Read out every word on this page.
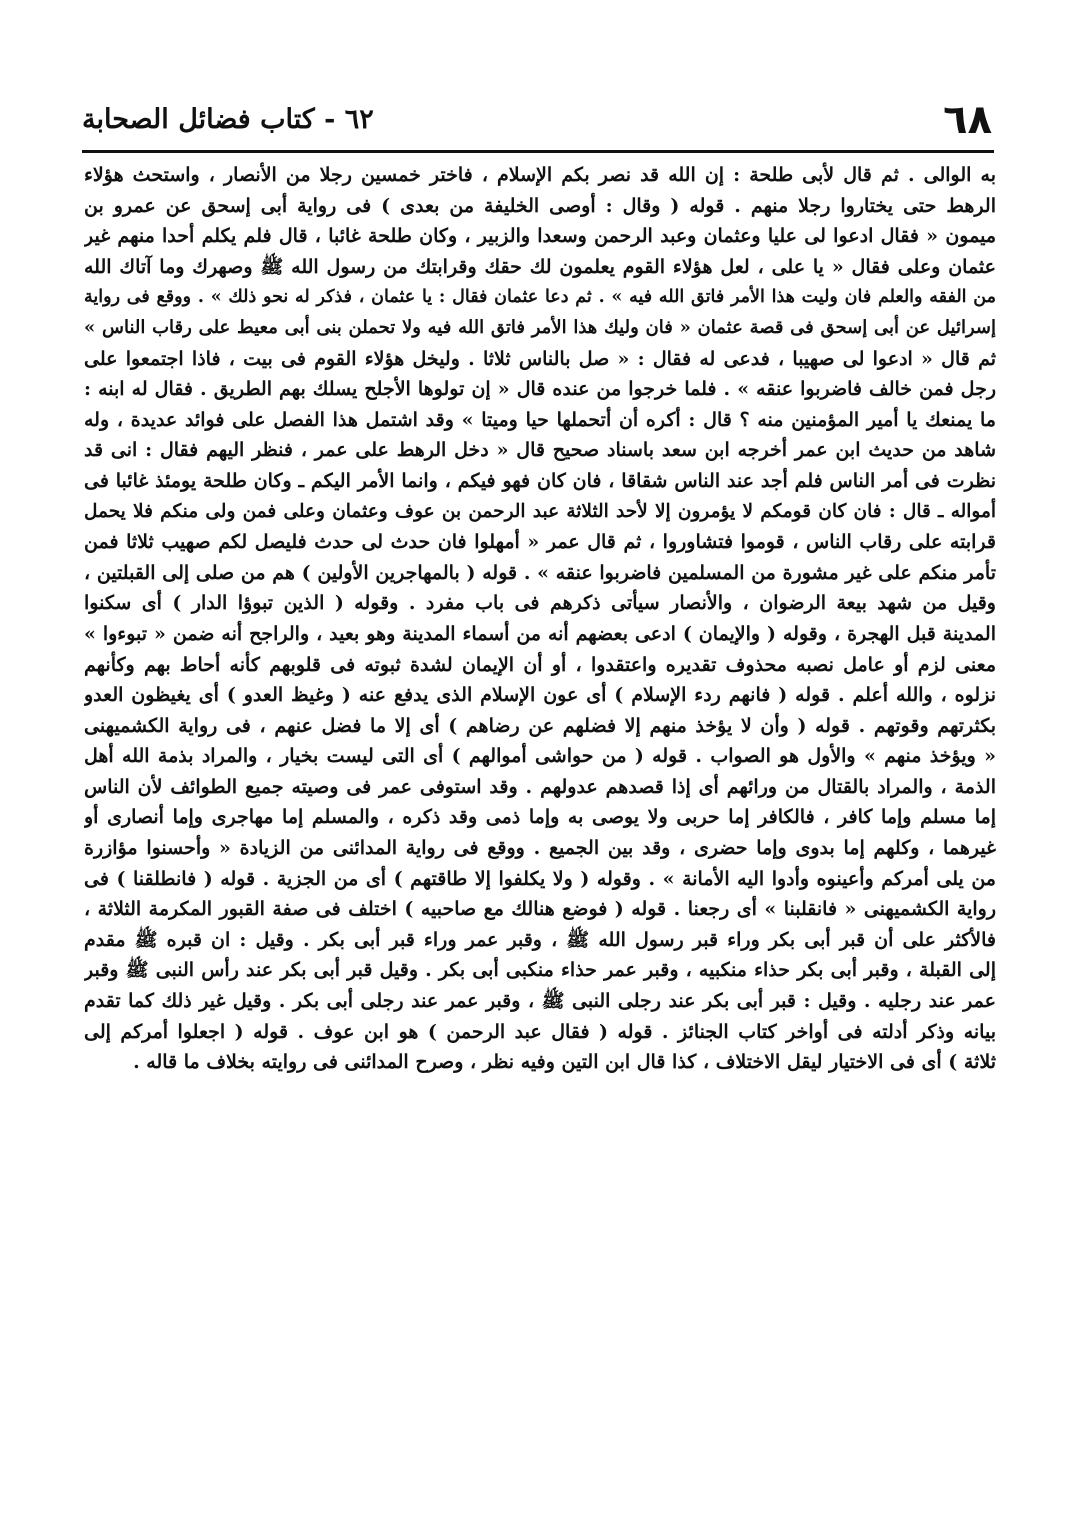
٦٨
٦٢ - كتاب فضائل الصحابة
به الوالى . ثم قال لأبى طلحة : إن الله قد نصر بكم الإسلام ، فاختر خمسين رجلا من الأنصار ، واستحث هؤلاء
الرهط حتى يختاروا رجلا منهم . قوله ( وقال : أوصى الخليفة من بعدى ) فى رواية أبى إسحق عن عمرو بن
ميمون « فقال ادعوا لى عليا وعثمان وعبد الرحمن وسعدا والزبير ، وكان طلحة غائبا ، قال فلم يكلم أحدا منهم غير
عثمان وعلى فقال « يا على ، لعل هؤلاء القوم يعلمون لك حقك وقرابتك من رسول الله ﷺ وصهرك وما آتاك الله
من الفقه والعلم فان وليت هذا الأمر فاتق الله فيه » . ثم دعا عثمان فقال : يا عثمان ، فذكر له نحو ذلك » . ووقع فى رواية
إسرائيل عن أبى إسحق فى قصة عثمان « فان وليك هذا الأمر فاتق الله فيه ولا تحملن بنى أبى معيط على رقاب الناس »
ثم قال « ادعوا لى صهيبا ، فدعى له فقال : « صل بالناس ثلاثا . وليخل هؤلاء القوم فى بيت ، فاذا اجتمعوا على
رجل فمن خالف فاضربوا عنقه » . فلما خرجوا من عنده قال « إن تولوها الأجلح يسلك بهم الطريق . فقال له ابنه :
ما يمنعك يا أمير المؤمنين منه ؟ قال : أكره أن أتحملها حيا وميتا » وقد اشتمل هذا الفصل على فوائد عديدة ، وله
شاهد من حديث ابن عمر أخرجه ابن سعد باسناد صحيح قال « دخل الرهط على عمر ، فنظر اليهم فقال : انى قد
نظرت فى أمر الناس فلم أجد عند الناس شقاقا ، فان كان فهو فيكم ، وانما الأمر اليكم ـ وكان طلحة يومئذ غائبا فى
أمواله ـ قال : فان كان قومكم لا يؤمرون إلا لأحد الثلاثة عبد الرحمن بن عوف وعثمان وعلى فمن ولى منكم فلا يحمل
قرابته على رقاب الناس ، قوموا فتشاوروا ، ثم قال عمر « أمهلوا فان حدث لى حدث فليصل لكم صهيب ثلاثا فمن
تأمر منكم على غير مشورة من المسلمين فاضربوا عنقه » . قوله ( بالمهاجرين الأولين ) هم من صلى إلى القبلتين ،
وقيل من شهد بيعة الرضوان ، والأنصار سيأتى ذكرهم فى باب مفرد . وقوله ( الذين تبوؤا الدار ) أى سكنوا
المدينة قبل الهجرة ، وقوله ( والإيمان ) ادعى بعضهم أنه من أسماء المدينة وهو بعيد ، والراجح أنه ضمن « تبوءوا »
معنى لزم أو عامل نصبه محذوف تقديره واعتقدوا ، أو أن الإيمان لشدة ثبوته فى قلوبهم كأنه أحاط بهم وكأنهم
نزلوه ، والله أعلم . قوله ( فانهم ردء الإسلام ) أى عون الإسلام الذى يدفع عنه ( وغيظ العدو ) أى يغيظون العدو
بكثرتهم وقوتهم . قوله ( وأن لا يؤخذ منهم إلا فضلهم عن رضاهم ) أى إلا ما فضل عنهم ، فى رواية الكشميهنى
« ويؤخذ منهم » والأول هو الصواب . قوله ( من حواشى أموالهم ) أى التى ليست بخيار ، والمراد بذمة الله أهل
الذمة ، والمراد بالقتال من ورائهم أى إذا قصدهم عدولهم . وقد استوفى عمر فى وصيته جميع الطوائف لأن الناس
إما مسلم وإما كافر ، فالكافر إما حربى ولا يوصى به وإما ذمى وقد ذكره ، والمسلم إما مهاجرى وإما أنصارى أو
غيرهما ، وكلهم إما بدوى وإما حضرى ، وقد بين الجميع . ووقع فى رواية المدائنى من الزيادة « وأحسنوا مؤازرة
من يلى أمركم وأعينوه وأدوا اليه الأمانة » . وقوله ( ولا يكلفوا إلا طاقتهم ) أى من الجزية . قوله ( فانطلقنا ) فى
رواية الكشميهنى « فانقلبنا » أى رجعنا . قوله ( فوضع هنالك مع صاحبيه ) اختلف فى صفة القبور المكرمة الثلاثة ،
فالأكثر على أن قبر أبى بكر وراء قبر رسول الله ﷺ ، وقبر عمر وراء قبر أبى بكر . وقيل : ان قبره ﷺ مقدم
إلى القبلة ، وقبر أبى بكر حذاء منكبيه ، وقبر عمر حذاء منكبى أبى بكر . وقيل قبر أبى بكر عند رأس النبى ﷺ وقبر
عمر عند رجليه . وقيل : قبر أبى بكر عند رجلى النبى ﷺ ، وقبر عمر عند رجلى أبى بكر . وقيل غير ذلك كما تقدم
بيانه وذكر أدلته فى أواخر كتاب الجنائز . قوله ( فقال عبد الرحمن ) هو ابن عوف . قوله ( اجعلوا أمركم إلى
ثلاثة ) أى فى الاختيار ليقل الاختلاف ، كذا قال ابن التين وفيه نظر ، وصرح المدائنى فى روايته بخلاف ما قاله .
